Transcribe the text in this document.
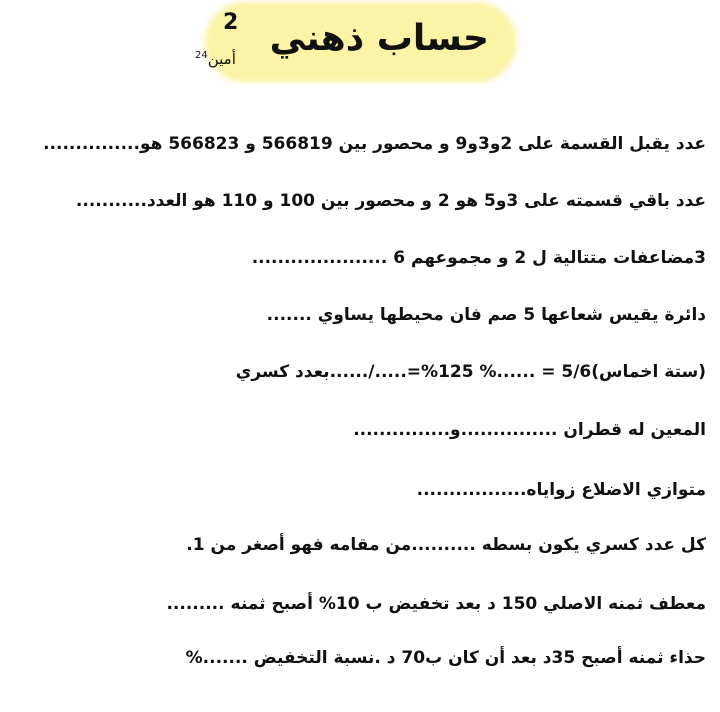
2 حساب ذهني
أمين$^{24}$
عدد يقبل القسمة على 2و3و9 و محصور بين 566819 و 566823 هو...............
عدد باقي قسمته على 3و5 هو 2 و محصور بين 100 و 110 هو العدد...........
3مضاعفات متتالية ل 2 و مجموعهم 6 .....................
دائرة يقيس شعاعها 5 صم فان محيطها يساوي .......
(ستة اخماس)5/6 = ......% 125%=...../......بعدد كسري
المعين له قطران ...............و...............
متوازي الاضلاع زواياه.................
كل عدد كسري يكون بسطه ..........من مقامه فهو أصغر من 1.
معطف ثمنه الاصلي 150 د بعد تخفيض ب 10% أصبح ثمنه .........
حذاء ثمنه أصبح 35د بعد أن كان ب70 د .نسبة التخفيض .......%
